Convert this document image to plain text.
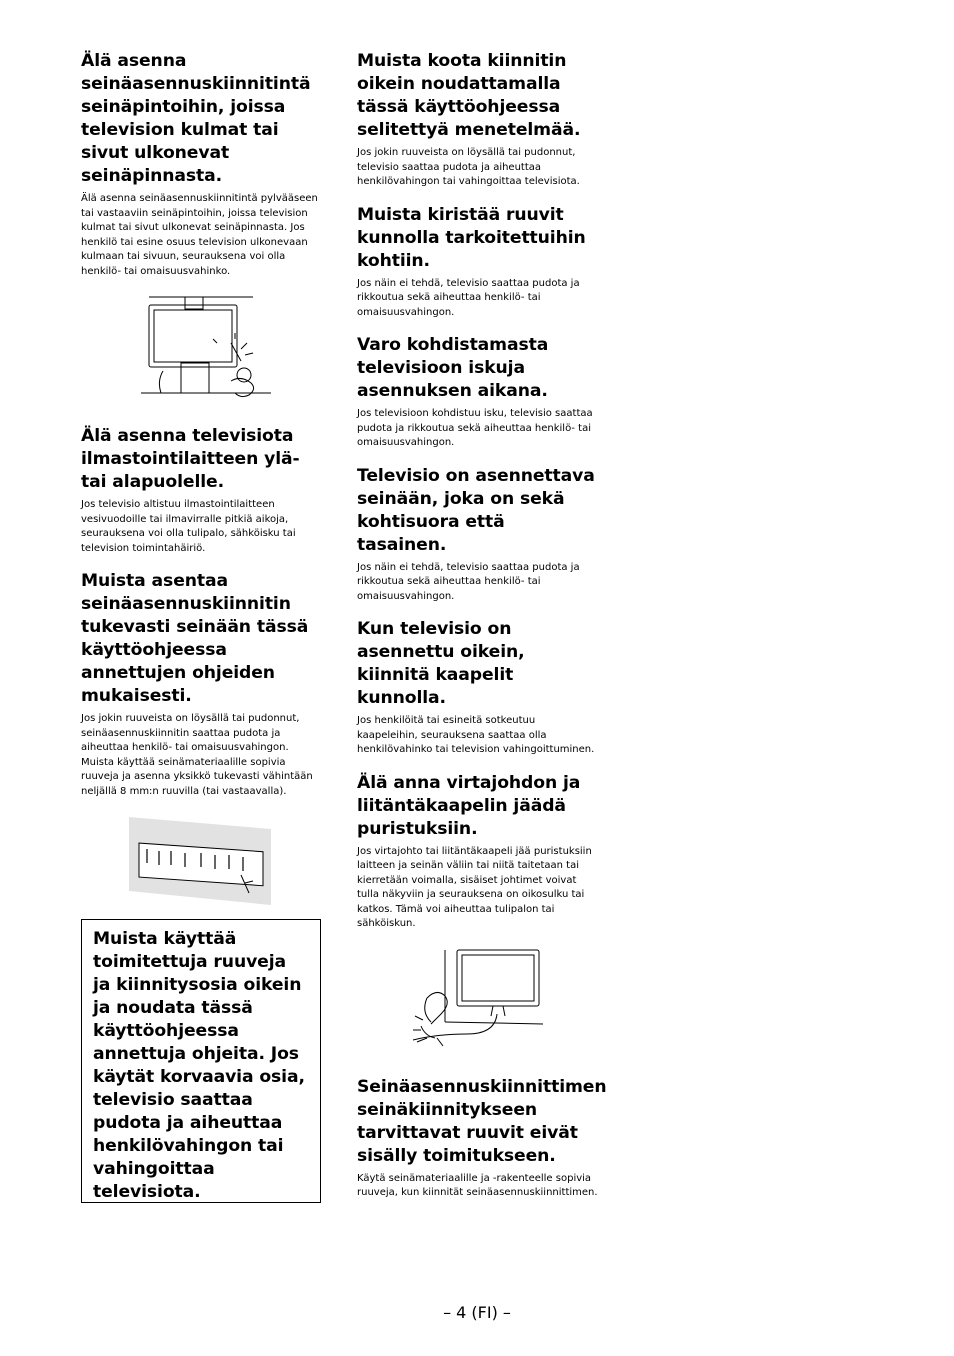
Älä asenna seinäasennuskiinnitintä seinäpintoihin, joissa television kulmat tai sivut ulkonevat seinäpinnasta.

Älä asenna seinäasennuskiinnitintä pylvääseen tai vastaaviin seinäpintoihin, joissa television kulmat tai sivut ulkonevat seinäpinnasta. Jos henkilö tai esine osuus television ulkonevaan kulmaan tai sivuun, seurauksena voi olla henkilö- tai omaisuusvahinko.

Älä asenna televisiota ilmastointilaitteen ylä- tai alapuolelle.

Jos televisio altistuu ilmastointilaitteen vesivuodoille tai ilmavirralle pitkiä aikoja, seurauksena voi olla tulipalo, sähköisku tai television toimintahäiriö.

Muista asentaa seinäasennuskiinnitin tukevasti seinään tässä käyttöohjeessa annettujen ohjeiden mukaisesti.

Jos jokin ruuveista on löysällä tai pudonnut, seinäasennuskiinnitin saattaa pudota ja aiheuttaa henkilö- tai omaisuusvahingon. Muista käyttää seinämateriaalille sopivia ruuveja ja asenna yksikkö tukevasti vähintään neljällä 8 mm:n ruuvilla (tai vastaavalla).

Muista käyttää toimitettuja ruuveja ja kiinnitysosia oikein ja noudata tässä käyttöohjeessa annettuja ohjeita. Jos käytät korvaavia osia, televisio saattaa pudota ja aiheuttaa henkilövahingon tai vahingoittaa televisiota.
Muista koota kiinnitin oikein noudattamalla tässä käyttöohjeessa selitettyä menetelmää.

Jos jokin ruuveista on löysällä tai pudonnut, televisio saattaa pudota ja aiheuttaa henkilövahingon tai vahingoittaa televisiota.

Muista kiristää ruuvit kunnolla tarkoitettuihin kohtiin.

Jos näin ei tehdä, televisio saattaa pudota ja rikkoutua sekä aiheuttaa henkilö- tai omaisuusvahingon.

Varo kohdistamasta televisioon iskuja asennuksen aikana.

Jos televisioon kohdistuu isku, televisio saattaa pudota ja rikkoutua sekä aiheuttaa henkilö- tai omaisuusvahingon.

Televisio on asennettava seinään, joka on sekä kohtisuora että tasainen.

Jos näin ei tehdä, televisio saattaa pudota ja rikkoutua sekä aiheuttaa henkilö- tai omaisuusvahingon.

Kun televisio on asennettu oikein, kiinnitä kaapelit kunnolla.

Jos henkilöitä tai esineitä sotkeutuu kaapeleihin, seurauksena saattaa olla henkilövahinko tai television vahingoittuminen.

Älä anna virtajohdon ja liitäntäkaapelin jäädä puristuksiin.

Jos virtajohto tai liitäntäkaapeli jää puristuksiin laitteen ja seinän väliin tai niitä taitetaan tai kierretään voimalla, sisäiset johtimet voivat tulla näkyviin ja seurauksena on oikosulku tai katkos. Tämä voi aiheuttaa tulipalon tai sähköiskun.

Seinäasennuskiinnittimen seinäkiinnitykseen tarvittavat ruuvit eivät sisälly toimitukseen.

Käytä seinämateriaalille ja -rakenteelle sopivia ruuveja, kun kiinnität seinäasennuskiinnittimen.

– 4 (FI) –
